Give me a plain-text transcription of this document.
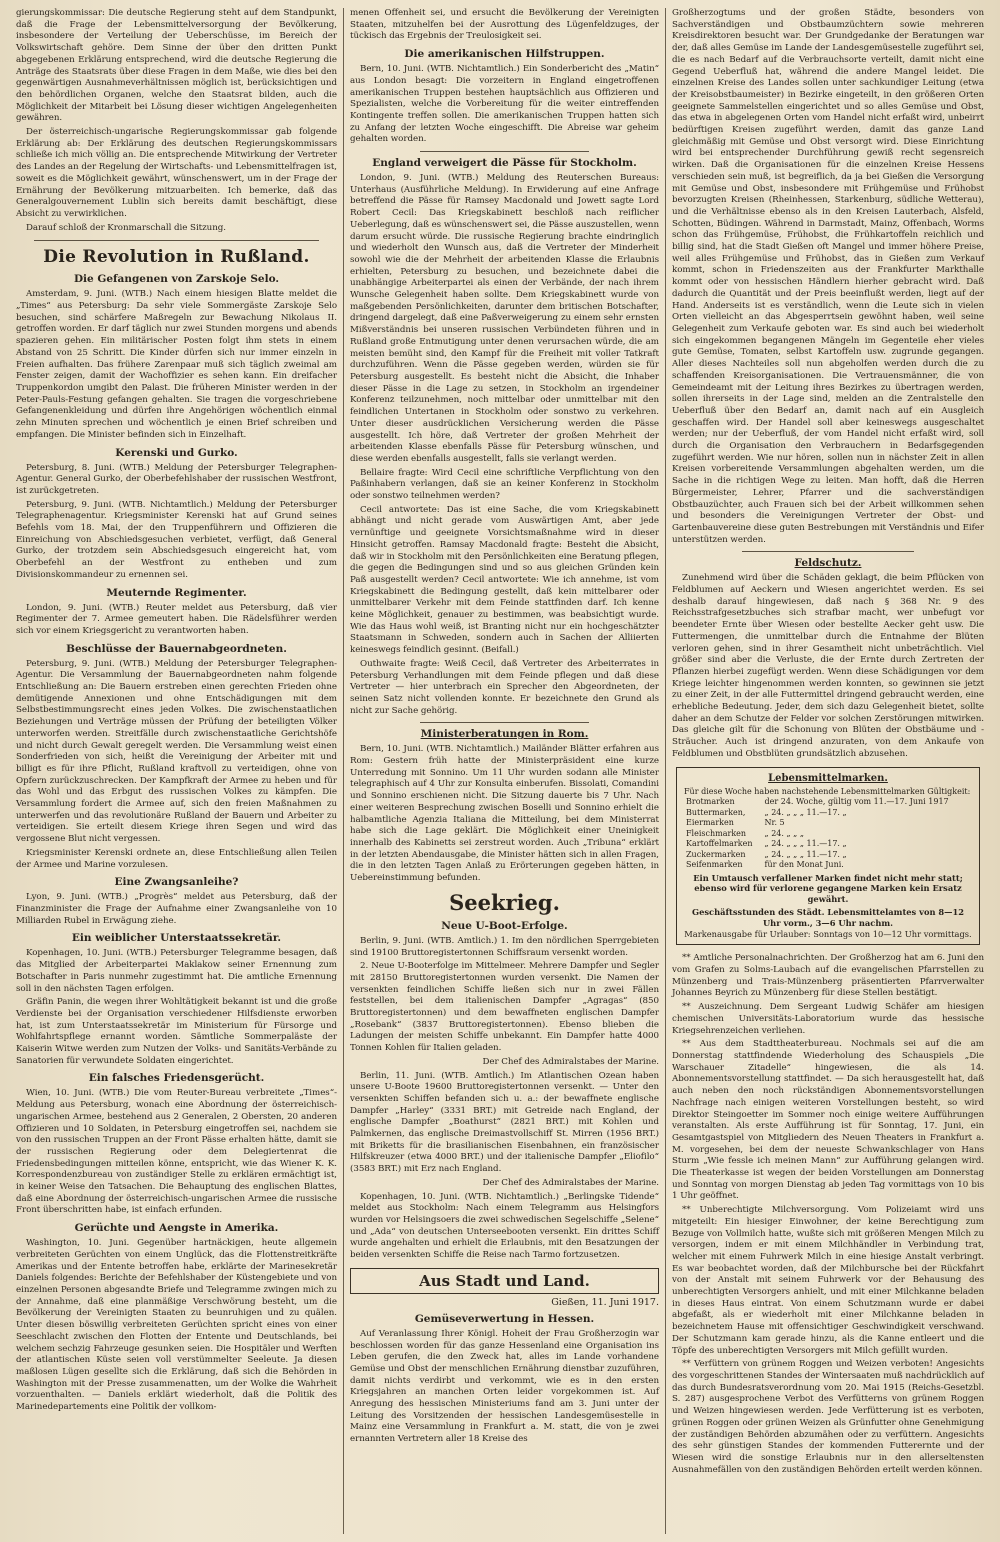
gierungskommissar: Die deutsche Regierung steht auf dem Standpunkt, daß die Frage der Lebensmittelversorgung der Bevölkerung, insbesondere der Verteilung der Ueberschüsse, im Bereich der Volkswirtschaft gehöre. Dem Sinne der über den dritten Punkt abgegebenen Erklärung entsprechend, wird die deutsche Regierung die Anträge des Staatsrats über diese Fragen in dem Maße, wie dies bei den gegenwärtigen Ausnahmeverhältnissen möglich ist, berücksichtigen und den behördlichen Organen, welche den Staatsrat bilden, auch die Möglichkeit der Mitarbeit bei Lösung dieser wichtigen Angelegenheiten gewähren.

Der österreichisch-ungarische Regierungskommissar gab folgende Erklärung ab: Der Erklärung des deutschen Regierungskommissars schließe ich mich völlig an. Die entsprechende Mitwirkung der Vertreter des Landes an der Regelung der Wirtschafts- und Lebensmittelfragen ist, soweit es die Möglichkeit gewährt, wünschenswert, um in der Frage der Ernährung der Bevölkerung mitzuarbeiten. Ich bemerke, daß das Generalgouvernement Lublin sich bereits damit beschäftigt, diese Absicht zu verwirklichen.

Darauf schloß der Kronmarschall die Sitzung.

Die Revolution in Rußland.
Die Gefangenen von Zarskoje Selo.

Amsterdam, 9. Juni. (WTB.) Nach einem hiesigen Blatte meldet die „Times“ aus Petersburg: Da sehr viele Sommergäste Zarskoje Selo besuchen, sind schärfere Maßregeln zur Bewachung Nikolaus II. getroffen worden. Er darf täglich nur zwei Stunden morgens und abends spazieren gehen. Ein militärischer Posten folgt ihm stets in einem Abstand von 25 Schritt. Die Kinder dürfen sich nur immer einzeln in Freien aufhalten. Das frühere Zarenpaar muß sich täglich zweimal am Fenster zeigen, damit der Wachoffizier es sehen kann. Ein dreifacher Truppenkordon umgibt den Palast. Die früheren Minister werden in der Peter-Pauls-Festung gefangen gehalten. Sie tragen die vorgeschriebene Gefangenenkleidung und dürfen ihre Angehörigen wöchentlich einmal zehn Minuten sprechen und wöchentlich je einen Brief schreiben und empfangen. Die Minister befinden sich in Einzelhaft.

Kerenski und Gurko.

Petersburg, 8. Juni. (WTB.) Meldung der Petersburger Telegraphen-Agentur. General Gurko, der Oberbefehlshaber der russischen Westfront, ist zurückgetreten.

Petersburg, 9. Juni. (WTB. Nichtamtlich.) Meldung der Petersburger Telegraphenagentur. Kriegsminister Kerenski hat auf Grund seines Befehls vom 18. Mai, der den Truppenführern und Offizieren die Einreichung von Abschiedsgesuchen verbietet, verfügt, daß General Gurko, der trotzdem sein Abschiedsgesuch eingereicht hat, vom Oberbefehl an der Westfront zu entheben und zum Divisionskommandeur zu ernennen sei.

Meuternde Regimenter.

London, 9. Juni. (WTB.) Reuter meldet aus Petersburg, daß vier Regimenter der 7. Armee gemeutert haben. Die Rädelsführer werden sich vor einem Kriegsgericht zu verantworten haben.

Beschlüsse der Bauernabgeordneten.

Petersburg, 9. Juni. (WTB.) Meldung der Petersburger Telegraphen-Agentur. Die Versammlung der Bauernabgeordneten nahm folgende Entschließung an: Die Bauern erstreben einen gerechten Frieden ohne demütigende Annexionen und ohne Entschädigungen mit dem Selbstbestimmungsrecht eines jeden Volkes. Die zwischenstaatlichen Beziehungen und Verträge müssen der Prüfung der beteiligten Völker unterworfen werden. Streitfälle durch zwischenstaatliche Gerichtshöfe und nicht durch Gewalt geregelt werden. Die Versammlung weist einen Sonderfrieden von sich, heißt die Vereinigung der Arbeiter mit und billigt es für ihre Pflicht, Rußland kraftvoll zu verteidigen, ohne von Opfern zurückzuschrecken. Der Kampfkraft der Armee zu heben und für das Wohl und das Erbgut des russischen Volkes zu kämpfen. Die Versammlung fordert die Armee auf, sich den freien Maßnahmen zu unterwerfen und das revolutionäre Rußland der Bauern und Arbeiter zu verteidigen. Sie erteilt diesem Kriege ihren Segen und wird das vergossene Blut nicht vergessen.

Kriegsminister Kerenski ordnete an, diese Entschließung allen Teilen der Armee und Marine vorzulesen.

Eine Zwangsanleihe?

Lyon, 9. Juni. (WTB.) „Progrès“ meldet aus Petersburg, daß der Finanzminister die Frage der Aufnahme einer Zwangsanleihe von 10 Milliarden Rubel in Erwägung ziehe.

Ein weiblicher Unterstaatssekretär.

Kopenhagen, 10. Juni. (WTB.) Petersburger Telegramme besagen, daß das Mitglied der Arbeiterpartei Maklakow seiner Ernennung zum Botschafter in Paris nunmehr zugestimmt hat. Die amtliche Ernennung soll in den nächsten Tagen erfolgen.

Gräfin Panin, die wegen ihrer Wohltätigkeit bekannt ist und die große Verdienste bei der Organisation verschiedener Hilfsdienste erworben hat, ist zum Unterstaatssekretär im Ministerium für Fürsorge und Wohlfahrtspflege ernannt worden. Sämtliche Sommerpaläste der Kaiserin Witwe werden zum Nutzen der Volks- und Sanitäts-Verbände zu Sanatorien für verwundete Soldaten eingerichtet.

Ein falsches Friedensgerücht.

Wien, 10. Juni. (WTB.) Die vom Reuter-Bureau verbreitete „Times“-Meldung aus Petersburg, wonach eine Abordnung der österreichisch-ungarischen Armee, bestehend aus 2 Generalen, 2 Obersten, 20 anderen Offizieren und 10 Soldaten, in Petersburg eingetroffen sei, nachdem sie von den russischen Truppen an der Front Pässe erhalten hätte, damit sie der russischen Regierung oder dem Delegiertenrat die Friedensbedingungen mitteilen könne, entspricht, wie das Wiener K. K. Korrespondenzbureau von zuständiger Stelle zu erklären ermächtigt ist, in keiner Weise den Tatsachen. Die Behauptung des englischen Blattes, daß eine Abordnung der österreichisch-ungarischen Armee die russische Front überschritten habe, ist einfach erfunden.

Gerüchte und Aengste in Amerika.

Washington, 10. Juni. Gegenüber hartnäckigen, heute allgemein verbreiteten Gerüchten von einem Unglück, das die Flottenstreitkräfte Amerikas und der Entente betroffen habe, erklärte der Marinesekretär Daniels folgendes: Berichte der Befehlshaber der Küstengebiete und von einzelnen Personen abgesandte Briefe und Telegramme zwingen mich zu der Annahme, daß eine planmäßige Verschwörung besteht, um die Bevölkerung der Vereinigten Staaten zu beunruhigen und zu quälen. Unter diesen böswillig verbreiteten Gerüchten spricht eines von einer Seeschlacht zwischen den Flotten der Entente und Deutschlands, bei welchem sechzig Fahrzeuge gesunken seien. Die Hospitäler und Werften der atlantischen Küste seien voll verstümmelter Seeleute. Ja diesen maßlosen Lügen gesellte sich die Erklärung, daß sich die Behörden in Washington mit der Presse zusammenatten, um der Wolke die Wahrheit vorzuenthalten. — Daniels erklärt wiederholt, daß die Politik des Marinedepartements eine Politik der vollkom-

menen Offenheit sei, und ersucht die Bevölkerung der Vereinigten Staaten, mitzuhelfen bei der Ausrottung des Lügenfeldzuges, der tückisch das Ergebnis der Treulosigkeit sei.

Die amerikanischen Hilfstruppen.

Bern, 10. Juni. (WTB. Nichtamtlich.) Ein Sonderbericht des „Matin“ aus London besagt: Die vorzeitern in England eingetroffenen amerikanischen Truppen bestehen hauptsächlich aus Offizieren und Spezialisten, welche die Vorbereitung für die weiter eintreffenden Kontingente treffen sollen. Die amerikanischen Truppen hatten sich zu Anfang der letzten Woche eingeschifft. Die Abreise war geheim gehalten worden.

England verweigert die Pässe für Stockholm.

London, 9. Juni. (WTB.) Meldung des Reuterschen Bureaus: Unterhaus (Ausführliche Meldung). In Erwiderung auf eine Anfrage betreffend die Pässe für Ramsey Macdonald und Jowett sagte Lord Robert Cecil: Das Kriegskabinett beschloß nach reiflicher Ueberlegung, daß es wünschenswert sei, die Pässe auszustellen, wenn darum ersucht würde. Die russische Regierung brachte eindringlich und wiederholt den Wunsch aus, daß die Vertreter der Minderheit sowohl wie die der Mehrheit der arbeitenden Klasse die Erlaubnis erhielten, Petersburg zu besuchen, und bezeichnete dabei die unabhängige Arbeiterpartei als einen der Verbände, der nach ihrem Wunsche Gelegenheit haben sollte. Dem Kriegskabinett wurde von maßgebenden Persönlichkeiten, darunter dem britischen Botschafter, dringend dargelegt, daß eine Paßverweigerung zu einem sehr ernsten Mißverständnis bei unseren russischen Verbündeten führen und in Rußland große Entmutigung unter denen verursachen würde, die am meisten bemüht sind, den Kampf für die Freiheit mit voller Tatkraft durchzuführen. Wenn die Pässe gegeben werden, würden sie für Petersburg ausgestellt. Es besteht nicht die Absicht, die Inhaber dieser Pässe in die Lage zu setzen, in Stockholm an irgendeiner Konferenz teilzunehmen, noch mittelbar oder unmittelbar mit den feindlichen Untertanen in Stockholm oder sonstwo zu verkehren. Unter dieser ausdrücklichen Versicherung werden die Pässe ausgestellt. Ich höre, daß Vertreter der großen Mehrheit der arbeitenden Klasse ebenfalls Pässe für Petersburg wünschen, und diese werden ebenfalls ausgestellt, falls sie verlangt werden.

Bellaire fragte: Wird Cecil eine schriftliche Verpflichtung von den Paßinhabern verlangen, daß sie an keiner Konferenz in Stockholm oder sonstwo teilnehmen werden?

Cecil antwortete: Das ist eine Sache, die vom Kriegskabinett abhängt und nicht gerade vom Auswärtigen Amt, aber jede vernünftige und geeignete Vorsichtsmaßnahme wird in dieser Hinsicht getroffen. Ramsay Macdonald fragte: Besteht die Absicht, daß wir in Stockholm mit den Persönlichkeiten eine Beratung pflegen, die gegen die Bedingungen sind und so aus gleichen Gründen kein Paß ausgestellt werden? Cecil antwortete: Wie ich annehme, ist vom Kriegskabinett die Bedingung gestellt, daß kein mittelbarer oder unmittelbarer Verkehr mit dem Feinde stattfinden darf. Ich kenne keine Möglichkeit, genauer zu bestimmen, was beabsichtigt wurde. Wie das Haus wohl weiß, ist Branting nicht nur ein hochgeschätzter Staatsmann in Schweden, sondern auch in Sachen der Alliierten keineswegs feindlich gesinnt. (Beifall.)

Outhwaite fragte: Weiß Cecil, daß Vertreter des Arbeiterrates in Petersburg Verhandlungen mit dem Feinde pflegen und daß diese Vertreter — hier unterbrach ein Sprecher den Abgeordneten, der seinen Satz nicht vollenden konnte. Er bezeichnete den Grund als nicht zur Sache gehörig.

Ministerberatungen in Rom.

Bern, 10. Juni. (WTB. Nichtamtlich.) Mailänder Blätter erfahren aus Rom: Gestern früh hatte der Ministerpräsident eine kurze Unterredung mit Sonnino. Um 11 Uhr wurden sodann alle Minister telegraphisch auf 4 Uhr zur Konsulta einberufen. Bissolati, Comandini und Sonnino erschienen nicht. Die Sitzung dauerte bis 7 Uhr. Nach einer weiteren Besprechung zwischen Boselli und Sonnino erhielt die halbamtliche Agenzia Italiana die Mitteilung, bei dem Ministerrat habe sich die Lage geklärt. Die Möglichkeit einer Uneinigkeit innerhalb des Kabinetts sei zerstreut worden. Auch „Tribuna“ erklärt in der letzten Abendausgabe, die Minister hätten sich in allen Fragen, die in den letzten Tagen Anlaß zu Erörterungen gegeben hätten, in Uebereinstimmung befunden.

Seekrieg.
Neue U-Boot-Erfolge.

Berlin, 9. Juni. (WTB. Amtlich.) 1. Im den nördlichen Sperrgebieten sind 19100 Bruttoregistertonnen Schiffsraum versenkt worden.

2. Neue U-Booterfolge im Mittelmeer. Mehrere Dampfer und Segler mit 28150 Bruttoregistertonnen wurden versenkt. Die Namen der versenkten feindlichen Schiffe ließen sich nur in zwei Fällen feststellen, bei dem italienischen Dampfer „Agragas“ (850 Bruttoregistertonnen) und dem bewaffneten englischen Dampfer „Rosebank“ (3837 Bruttoregistertonnen). Ebenso blieben die Ladungen der meisten Schiffe unbekannt. Ein Dampfer hatte 4000 Tonnen Kohlen für Italien geladen.

Der Chef des Admiralstabes der Marine.

Berlin, 11. Juni. (WTB. Amtlich.) Im Atlantischen Ozean haben unsere U-Boote 19600 Bruttoregistertonnen versenkt. — Unter den versenkten Schiffen befanden sich u. a.: der bewaffnete englische Dampfer „Harley“ (3331 BRT.) mit Getreide nach England, der englische Dampfer „Boathurst“ (2821 BRT.) mit Kohlen und Palmkernen, das englische Dreimastvollschiff St. Mirren (1956 BRT.) mit Briketts für die brasilianischen Eisenbahnen, ein französischer Hilfskreuzer (etwa 4000 BRT.) und der italienische Dampfer „Eliofilo“ (3583 BRT.) mit Erz nach England.

Der Chef des Admiralstabes der Marine.

Kopenhagen, 10. Juni. (WTB. Nichtamtlich.) „Berlingske Tidende“ meldet aus Stockholm: Nach einem Telegramm aus Helsingfors wurden vor Helsingsoers die zwei schwedischen Segelschiffe „Selene“ und „Ada“ von deutschen Unterseebooten versenkt. Ein drittes Schiff wurde angehalten und erhielt die Erlaubnis, mit den Besatzungen der beiden versenkten Schiffe die Reise nach Tarmo fortzusetzen.

Aus Stadt und Land.
Gießen, 11. Juni 1917.
Gemüseverwertung in Hessen.

Auf Veranlassung Ihrer Königl. Hoheit der Frau Großherzogin war beschlossen worden für das ganze Hessenland eine Organisation ins Leben gerufen, die den Zweck hat, alles im Lande vorhandene Gemüse und Obst der menschlichen Ernährung dienstbar zuzuführen, damit nichts verdirbt und verkommt, wie es in den ersten Kriegsjahren an manchen Orten leider vorgekommen ist. Auf Anregung des hessischen Ministeriums fand am 3. Juni unter der Leitung des Vorsitzenden der hessischen Landesgemüsestelle in Mainz eine Versammlung in Frankfurt a. M. statt, die von je zwei ernannten Vertretern aller 18 Kreise des

Großherzogtums und der großen Städte, besonders von Sachverständigen und Obstbaumzüchtern sowie mehreren Kreisdirektoren besucht war. Der Grundgedanke der Beratungen war der, daß alles Gemüse im Lande der Landesgemüsestelle zugeführt sei, die es nach Bedarf auf die Verbrauchsorte verteilt, damit nicht eine Gegend Ueberfluß hat, während die andere Mangel leidet. Die einzelnen Kreise des Landes sollen unter sachkundiger Leitung (etwa der Kreisobstbaumeister) in Bezirke eingeteilt, in den größeren Orten geeignete Sammelstellen eingerichtet und so alles Gemüse und Obst, das etwa in abgelegenen Orten vom Handel nicht erfaßt wird, unbeirrt bedürftigen Kreisen zugeführt werden, damit das ganze Land gleichmäßig mit Gemüse und Obst versorgt wird. Diese Einrichtung wird bei entsprechender Durchführung gewiß recht segensreich wirken. Daß die Organisationen für die einzelnen Kreise Hessens verschieden sein muß, ist begreiflich, da ja bei Gießen die Versorgung mit Gemüse und Obst, insbesondere mit Frühgemüse und Frühobst bevorzugten Kreisen (Rheinhessen, Starkenburg, südliche Wetterau), und die Verhältnisse ebenso als in den Kreisen Lauterbach, Alsfeld, Schotten, Büdingen. Während in Darmstadt, Mainz, Offenbach, Worms schon das Frühgemüse, Frühobst, die Frühkartoffeln reichlich und billig sind, hat die Stadt Gießen oft Mangel und immer höhere Preise, weil alles Frühgemüse und Frühobst, das in Gießen zum Verkauf kommt, schon in Friedenszeiten aus der Frankfurter Markthalle kommt oder von hessischen Händlern hierher gebracht wird. Daß dadurch die Quantität und der Preis beeinflußt werden, liegt auf der Hand. Anderseits ist es verständlich, wenn die Leute sich in vielen Orten vielleicht an das Abgesperrtsein gewöhnt haben, weil seine Gelegenheit zum Verkaufe geboten war. Es sind auch bei wiederholt sich eingekommen begangenen Mängeln im Gegenteile eher vieles gute Gemüse, Tomaten, selbst Kartoffeln usw. zugrunde gegangen. Aller dieses Nachteiles soll nun abgeholfen werden durch die zu schaffenden Kreisorganisationen. Die Vertrauensmänner, die von Gemeindeamt mit der Leitung ihres Bezirkes zu übertragen werden, sollen ihrerseits in der Lage sind, melden an die Zentralstelle den Ueberfluß über den Bedarf an, damit nach auf ein Ausgleich geschaffen wird. Der Handel soll aber keineswegs ausgeschaltet werden; nur der Ueberfluß, der vom Handel nicht erfaßt wird, soll durch die Organisation den Verbrauchern in Bedarfsgegenden zugeführt werden. Wie nur hören, sollen nun in nächster Zeit in allen Kreisen vorbereitende Versammlungen abgehalten werden, um die Sache in die richtigen Wege zu leiten. Man hofft, daß die Herren Bürgermeister, Lehrer, Pfarrer und die sachverständigen Obstbauzüchter, auch Frauen sich bei der Arbeit willkommen sehen und besonders die Vereinigungen Vertreter der Obst- und Gartenbauvereine diese guten Bestrebungen mit Verständnis und Eifer unterstützen werden.

Feldschutz.

Zunehmend wird über die Schäden geklagt, die beim Pflücken von Feldblumen auf Aeckern und Wiesen angerichtet werden. Es sei deshalb darauf hingewiesen, daß nach § 368 Nr. 9 des Reichsstrafgesetzbuches sich strafbar macht, wer unbefugt vor beendeter Ernte über Wiesen oder bestellte Aecker geht usw. Die Futtermengen, die unmittelbar durch die Entnahme der Blüten verloren gehen, sind in ihrer Gesamtheit nicht unbeträchtlich. Viel größer sind aber die Verluste, die der Ernte durch Zertreten der Pflanzen hierbei zugefügt werden. Wenn diese Schädigungen vor dem Kriege leichter hingenommen werden konnten, so gewinnen sie jetzt zu einer Zeit, in der alle Futtermittel dringend gebraucht werden, eine erhebliche Bedeutung. Jeder, dem sich dazu Gelegenheit bietet, sollte daher an dem Schutze der Felder vor solchen Zerstörungen mitwirken. Das gleiche gilt für die Schonung von Blüten der Obstbäume und -Sträucher. Auch ist dringend anzuraten, von dem Ankaufe von Feldblumen und Obstblüten grundsätzlich abzusehen.

Lebensmittelmarken.
Für diese Woche haben nachstehende Lebensmittelmarken Gültigkeit:
Brotmarken	der 24. Woche, gültig vom 11.—17. Juni 1917
Buttermarken,	„ 24. „ „ „ 11.—17. „
Eiermarken	Nr. 5
Fleischmarken	„ 24. „ „ „
Kartoffelmarken	„ 24. „ „ „ 11.—17. „
Zuckermarken	„ 24. „ „ „ 11.—17. „
Seifenmarken	für den Monat Juni.
Ein Umtausch verfallener Marken findet nicht mehr statt; ebenso wird für verlorene gegangene Marken kein Ersatz gewährt.
Geschäftsstunden des Städt. Lebensmittelamtes von 8—12 Uhr vorm., 3—6 Uhr nachm.
Markenausgabe für Urlauber: Sonntags von 10—12 Uhr vormittags.

** Amtliche Personalnachrichten. Der Großherzog hat am 6. Juni den vom Grafen zu Solms-Laubach auf die evangelischen Pfarrstellen zu Münzenberg und Trais-Münzenberg präsentierten Pfarrverwalter Johannes Beyrich zu Münzenberg für diese Stellen bestätigt.

** Auszeichnung. Dem Sergeant Ludwig Schäfer am hiesigen chemischen Universitäts-Laboratorium wurde das hessische Kriegsehrenzeichen verliehen.

** Aus dem Stadttheaterbureau. Nochmals sei auf die am Donnerstag stattfindende Wiederholung des Schauspiels „Die Warschauer Zitadelle“ hingewiesen, die als 14. Abonnementsvorstellung stattfindet. — Da sich herausgestellt hat, daß auch neben den noch rückständigen Abonnementsvorstellungen Nachfrage nach einigen weiteren Vorstellungen besteht, so wird Direktor Steingoetter im Sommer noch einige weitere Aufführungen veranstalten. Als erste Aufführung ist für Sonntag, 17. Juni, ein Gesamtgastspiel von Mitgliedern des Neuen Theaters in Frankfurt a. M. vorgesehen, bei dem der neueste Schwankschlager von Hans Sturm „Wie fessle ich meinen Mann“ zur Aufführung gelangen wird. Die Theaterkasse ist wegen der beiden Vorstellungen am Donnerstag und Sonntag von morgen Dienstag ab jeden Tag vormittags von 10 bis 1 Uhr geöffnet.

** Unberechtigte Milchversorgung. Vom Polizeiamt wird uns mitgeteilt: Ein hiesiger Einwohner, der keine Berechtigung zum Bezuge von Vollmilch hatte, wußte sich mit größeren Mengen Milch zu versorgen, indem er mit einem Milchhändler in Verbindung trat, welcher mit einem Fuhrwerk Milch in eine hiesige Anstalt verbringt. Es war beobachtet worden, daß der Milchbursche bei der Rückfahrt von der Anstalt mit seinem Fuhrwerk vor der Behausung des unberechtigten Versorgers anhielt, und mit einer Milchkanne beladen in dieses Haus eintrat. Von einem Schutzmann wurde er dabei abgefaßt, als er wiederholt mit einer Milchkanne beladen in bezeichnetem Hause mit offensichtiger Geschwindigkeit verschwand. Der Schutzmann kam gerade hinzu, als die Kanne entleert und die Töpfe des unberechtigten Versorgers mit Milch gefüllt wurden.

** Verfüttern von grünem Roggen und Weizen verboten! Angesichts des vorgeschrittenen Standes der Wintersaaten muß nachdrücklich auf das durch Bundesratsverordnung vom 20. Mai 1915 (Reichs-Gesetzbl. S. 287) ausgesprochene Verbot des Verfütterns von grünem Roggen und Weizen hingewiesen werden. Jede Verfütterung ist es verboten, grünen Roggen oder grünen Weizen als Grünfutter ohne Genehmigung der zuständigen Behörden abzumähen oder zu verfüttern. Angesichts des sehr günstigen Standes der kommenden Futterernte und der Wiesen wird die sonstige Erlaubnis nur in den allerseltensten Ausnahmefällen von den zuständigen Behörden erteilt werden können.
